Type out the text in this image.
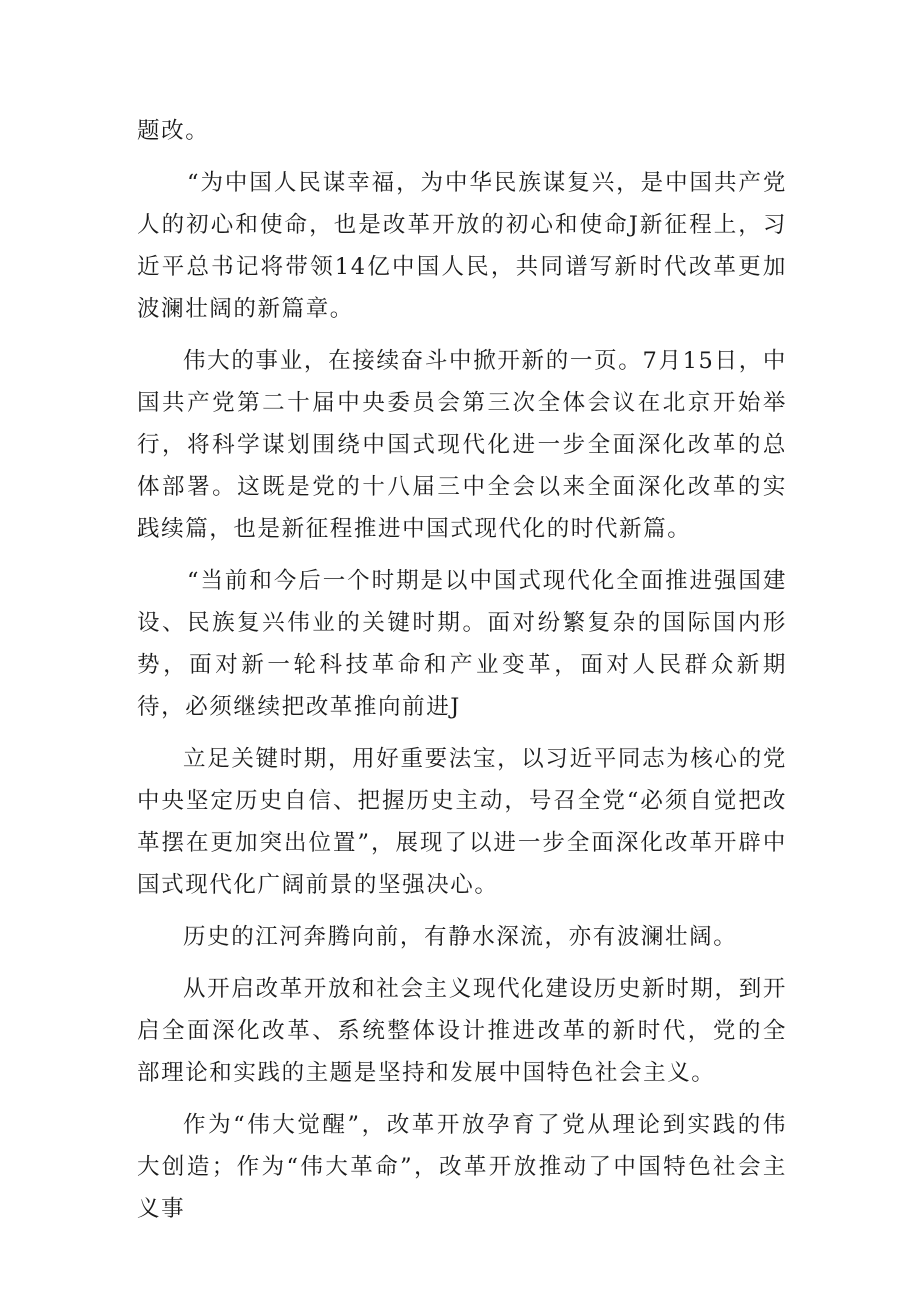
题改。

“为中国人民谋幸福，为中华民族谋复兴，是中国共产党人的初心和使命，也是改革开放的初心和使命J新征程上，习近平总书记将带领14亿中国人民，共同谱写新时代改革更加波澜壮阔的新篇章。

伟大的事业，在接续奋斗中掀开新的一页。7月15日，中国共产党第二十届中央委员会第三次全体会议在北京开始举行，将科学谋划围绕中国式现代化进一步全面深化改革的总体部署。这既是党的十八届三中全会以来全面深化改革的实践续篇，也是新征程推进中国式现代化的时代新篇。

“当前和今后一个时期是以中国式现代化全面推进强国建设、民族复兴伟业的关键时期。面对纷繁复杂的国际国内形势，面对新一轮科技革命和产业变革，面对人民群众新期待，必须继续把改革推向前进J

立足关键时期，用好重要法宝，以习近平同志为核心的党中央坚定历史自信、把握历史主动，号召全党“必须自觉把改革摆在更加突出位置”，展现了以进一步全面深化改革开辟中国式现代化广阔前景的坚强决心。

历史的江河奔腾向前，有静水深流，亦有波澜壮阔。

从开启改革开放和社会主义现代化建设历史新时期，到开启全面深化改革、系统整体设计推进改革的新时代，党的全部理论和实践的主题是坚持和发展中国特色社会主义。

作为“伟大觉醒”，改革开放孕育了党从理论到实践的伟大创造；作为“伟大革命”，改革开放推动了中国特色社会主义事
